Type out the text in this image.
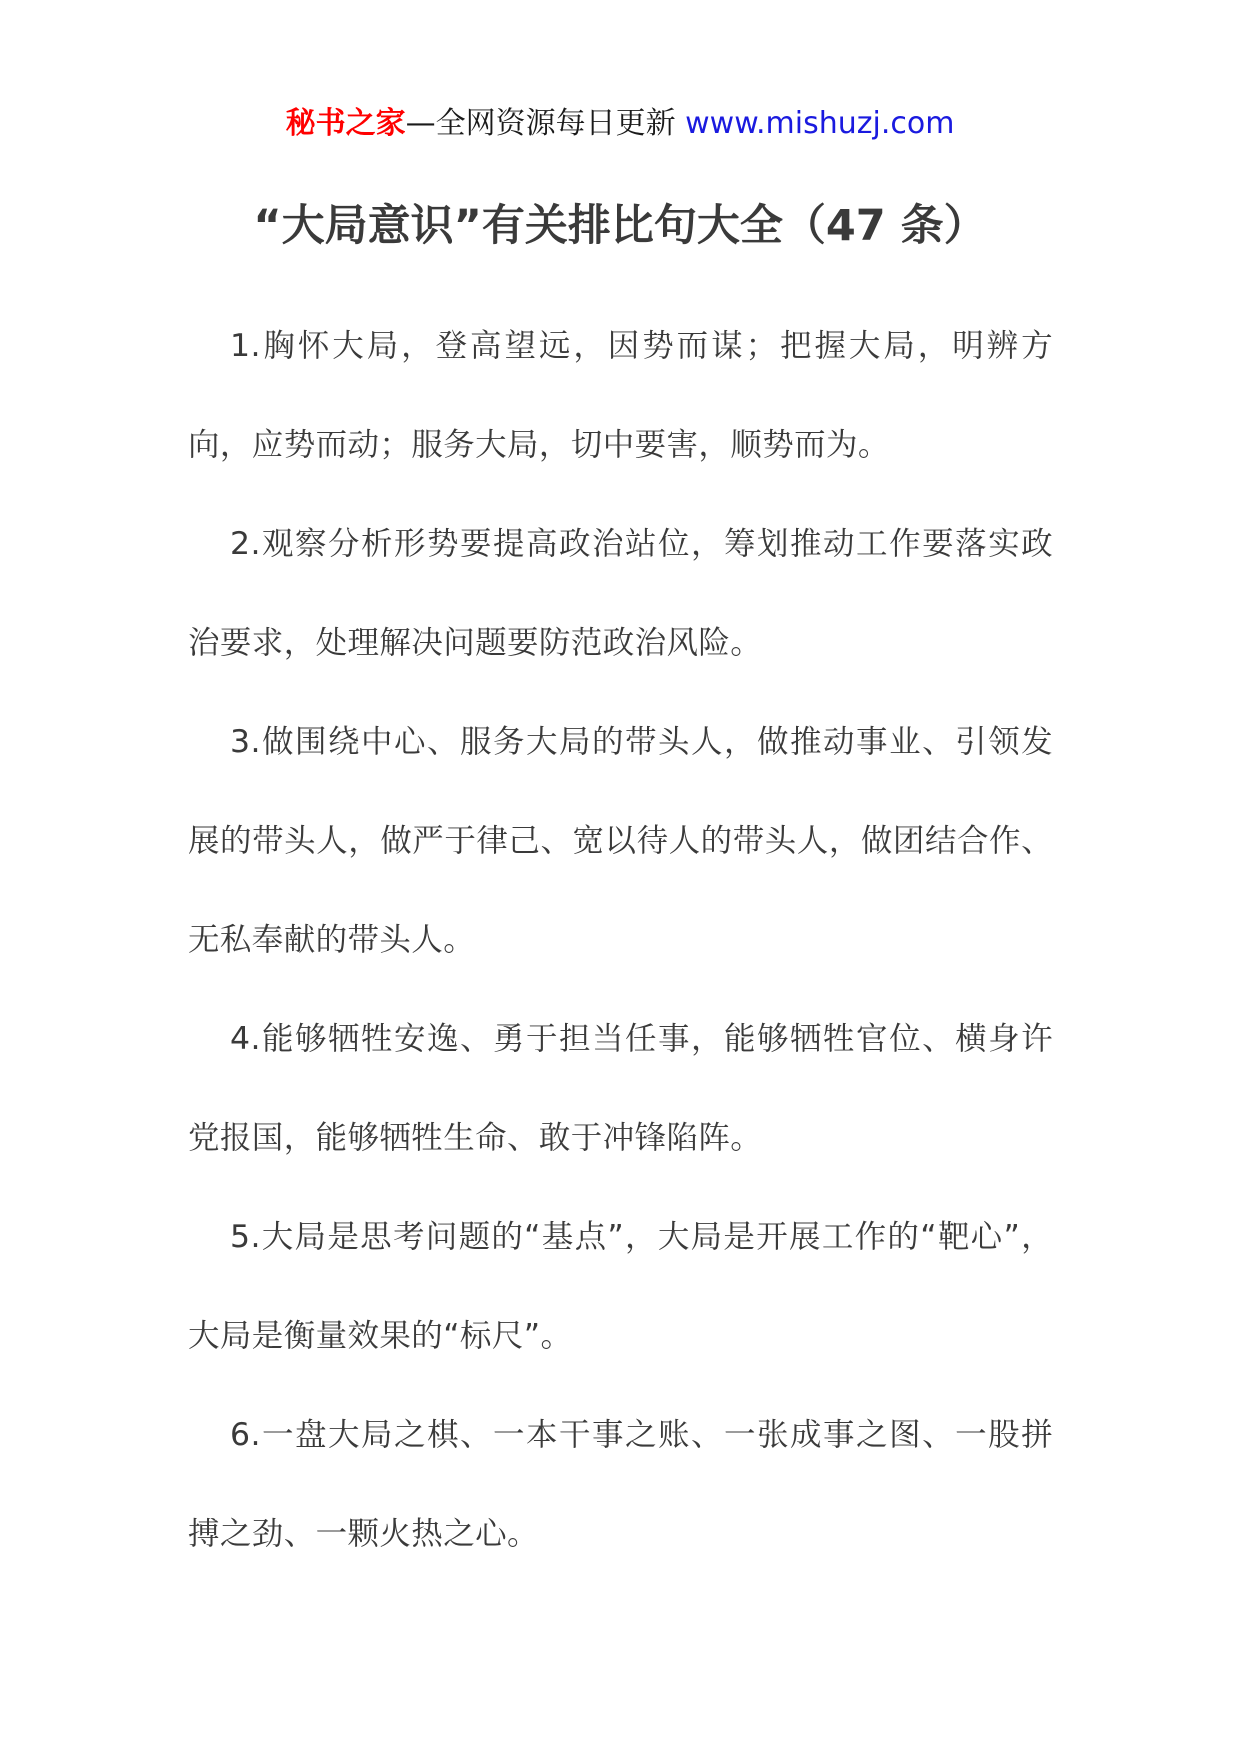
秘书之家—全网资源每日更新 www.mishuzj.com
“大局意识”有关排比句大全（47 条）

1.胸怀大局，登高望远，因势而谋；把握大局，明辨方向，应势而动；服务大局，切中要害，顺势而为。

2.观察分析形势要提高政治站位，筹划推动工作要落实政治要求，处理解决问题要防范政治风险。

3.做围绕中心、服务大局的带头人，做推动事业、引领发展的带头人，做严于律己、宽以待人的带头人，做团结合作、无私奉献的带头人。

4.能够牺牲安逸、勇于担当任事，能够牺牲官位、横身许党报国，能够牺牲生命、敢于冲锋陷阵。

5.大局是思考问题的“基点”，大局是开展工作的“靶心”，大局是衡量效果的“标尺”。

6.一盘大局之棋、一本干事之账、一张成事之图、一股拼搏之劲、一颗火热之心。
